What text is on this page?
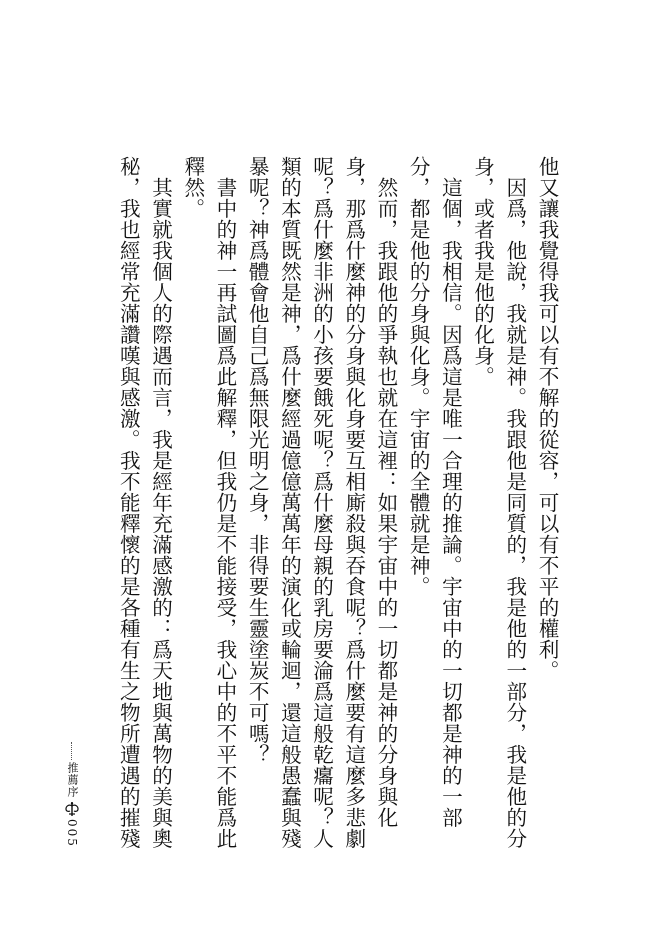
他又讓我覺得我可以有不解的從容，可以有不平的權利。

因爲，他說，我就是神。我跟他是同質的，我是他的一部分，我是他的分身，或者我是他的化身。

這個，我相信。因爲這是唯一合理的推論。宇宙中的一切都是神的一部分，都是他的分身與化身。宇宙的全體就是神。

然而，我跟他的爭執也就在這裡：如果宇宙中的一切都是神的分身與化身，那爲什麼神的分身與化身要互相廝殺與吞食呢？爲什麼要有這麼多悲劇呢？爲什麼非洲的小孩要餓死呢？爲什麼母親的乳房要淪爲這般乾癟呢？人類的本質既然是神，爲什麼經過億億萬萬年的演化或輪迴，還這般愚蠢與殘暴呢？神爲體會他自己爲無限光明之身，非得要生靈塗炭不可嗎？

書中的神一再試圖爲此解釋，但我仍是不能接受，我心中的不平不能爲此釋然。

其實就我個人的際遇而言，我是經年充滿感激的：爲天地與萬物的美與奧秘，我也經常充滿讚嘆與感激。我不能釋懷的是各種有生之物所遭遇的摧殘

推薦序
005
